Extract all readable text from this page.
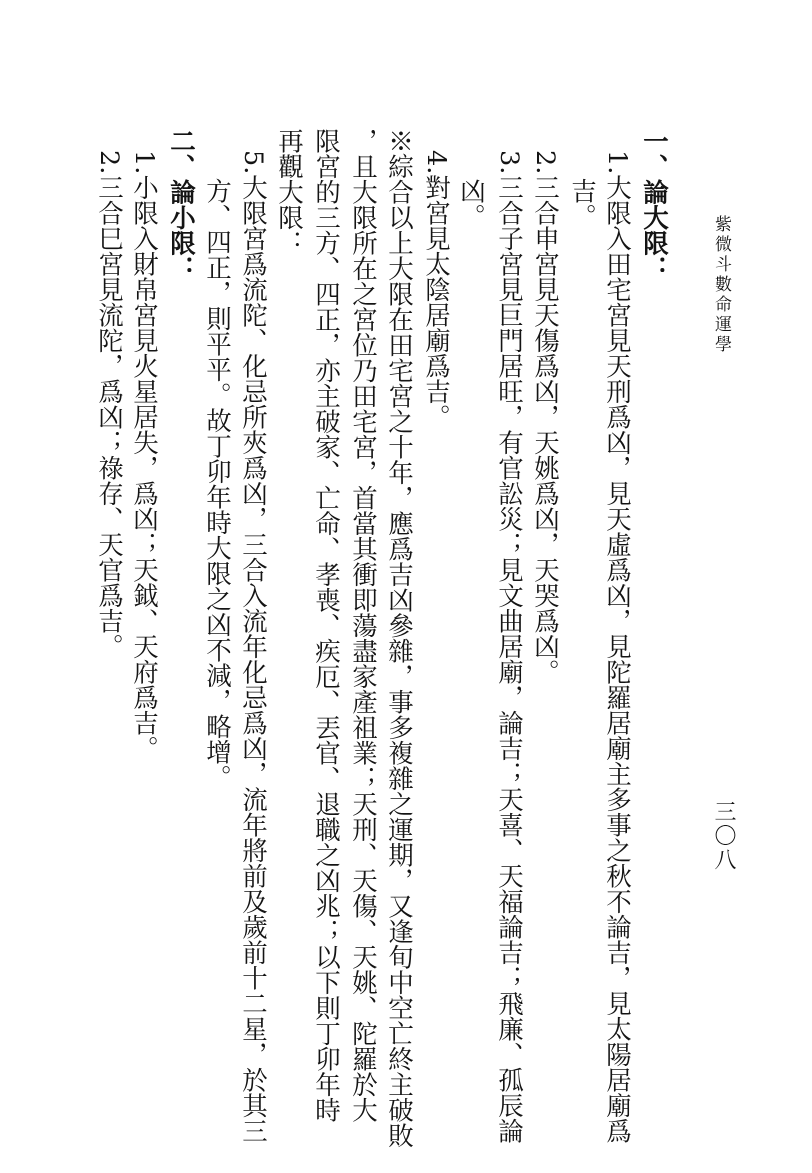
紫微斗數命運學
三〇八
一、論大限：
1.大限入田宅宮見天刑爲凶，見天虛爲凶，見陀羅居廟主多事之秋不論吉，見太陽居廟爲
吉。
2.三合申宮見天傷爲凶，天姚爲凶，天哭爲凶。
3.三合子宮見巨門居旺，有官訟災；見文曲居廟，論吉；天喜、天福論吉；飛廉、孤辰論
凶。
4.對宮見太陰居廟爲吉。
※綜合以上大限在田宅宮之十年，應爲吉凶參雜，事多複雜之運期，又逢旬中空亡終主破敗
，且大限所在之宮位乃田宅宮，首當其衝即蕩盡家產祖業；天刑、天傷、天姚、陀羅於大
限宮的三方、四正，亦主破家、亡命、孝喪、疾厄、丟官、退職之凶兆；以下則丁卯年時
再觀大限：
5.大限宮爲流陀、化忌所夾爲凶，三合入流年化忌爲凶，流年將前及歲前十二星，於其三
方、四正，則平平。故丁卯年時大限之凶不減，略增。
二、論小限：
1.小限入財帛宮見火星居失，爲凶；天鉞、天府爲吉。
2.三合巳宮見流陀，爲凶；祿存、天官爲吉。
